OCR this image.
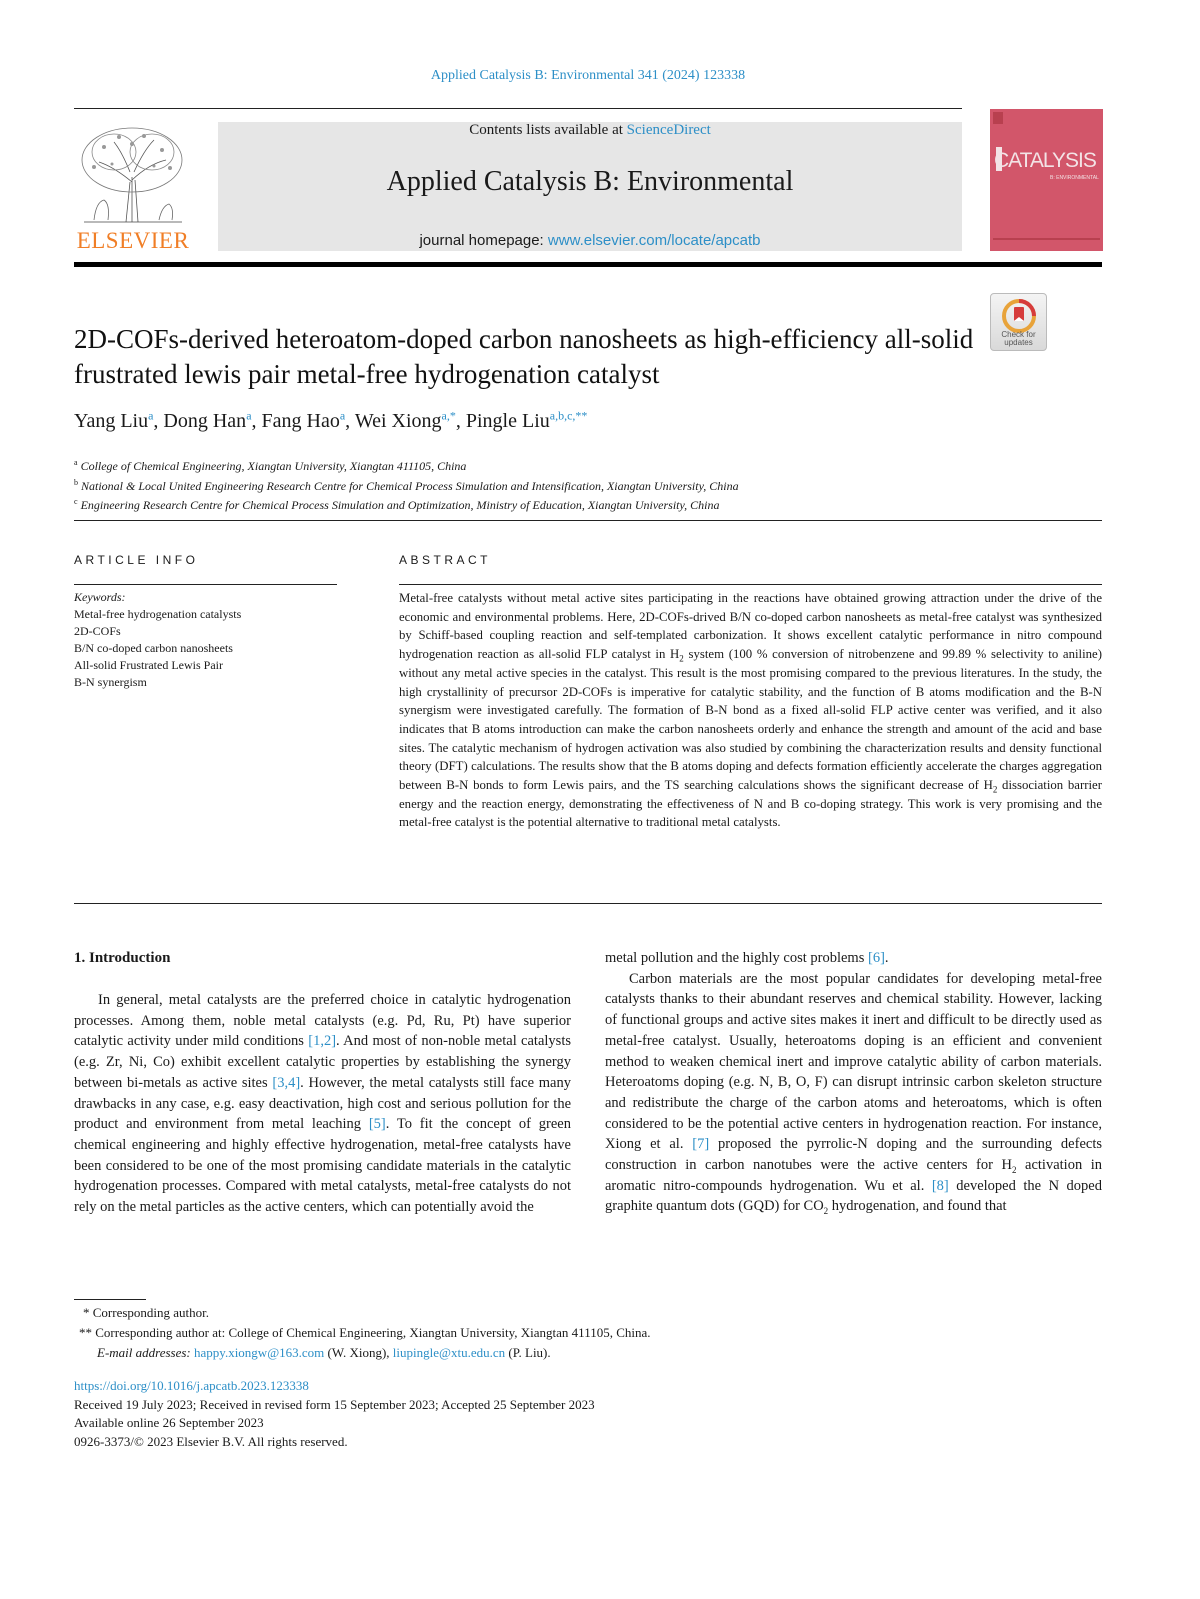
Applied Catalysis B: Environmental 341 (2024) 123338
ELSEVIER
Contents lists available at ScienceDirect
Applied Catalysis B: Environmental
journal homepage: www.elsevier.com/locate/apcatb
CATALYSIS
B: ENVIRONMENTAL
Check for updates
2D-COFs-derived heteroatom-doped carbon nanosheets as high-efficiency all-solid frustrated lewis pair metal-free hydrogenation catalyst
Yang Liu$^a$, Dong Han$^a$, Fang Hao$^a$, Wei Xiong$^{a,*}$, Pingle Liu$^{a,b,c,**}$
$^a$ College of Chemical Engineering, Xiangtan University, Xiangtan 411105, China
$^b$ National & Local United Engineering Research Centre for Chemical Process Simulation and Intensification, Xiangtan University, China
$^c$ Engineering Research Centre for Chemical Process Simulation and Optimization, Ministry of Education, Xiangtan University, China
ARTICLE INFO
Keywords:
Metal-free hydrogenation catalysts
2D-COFs
B/N co-doped carbon nanosheets
All-solid Frustrated Lewis Pair
B-N synergism
ABSTRACT
Metal-free catalysts without metal active sites participating in the reactions have obtained growing attraction under the drive of the economic and environmental problems. Here, 2D-COFs-drived B/N co-doped carbon nanosheets as metal-free catalyst was synthesized by Schiff-based coupling reaction and self-templated carbonization. It shows excellent catalytic performance in nitro compound hydrogenation reaction as all-solid FLP catalyst in $H_2$ system (100 % conversion of nitrobenzene and 99.89 % selectivity to aniline) without any metal active species in the catalyst. This result is the most promising compared to the previous literatures. In the study, the high crystallinity of precursor 2D-COFs is imperative for catalytic stability, and the function of B atoms modification and the B-N synergism were investigated carefully. The formation of B-N bond as a fixed all-solid FLP active center was verified, and it also indicates that B atoms introduction can make the carbon nanosheets orderly and enhance the strength and amount of the acid and base sites. The catalytic mechanism of hydrogen activation was also studied by combining the characterization results and density functional theory (DFT) calculations. The results show that the B atoms doping and defects formation efficiently accelerate the charges aggregation between B-N bonds to form Lewis pairs, and the TS searching calculations shows the significant decrease of $H_2$ dissociation barrier energy and the reaction energy, demonstrating the effectiveness of N and B co-doping strategy. This work is very promising and the metal-free catalyst is the potential alternative to traditional metal catalysts.
1. Introduction
In general, metal catalysts are the preferred choice in catalytic hydrogenation processes. Among them, noble metal catalysts (e.g. Pd, Ru, Pt) have superior catalytic activity under mild conditions [1,2]. And most of non-noble metal catalysts (e.g. Zr, Ni, Co) exhibit excellent catalytic properties by establishing the synergy between bi-metals as active sites [3,4]. However, the metal catalysts still face many drawbacks in any case, e.g. easy deactivation, high cost and serious pollution for the product and environment from metal leaching [5]. To fit the concept of green chemical engineering and highly effective hydrogenation, metal-free catalysts have been considered to be one of the most promising candidate materials in the catalytic hydrogenation processes. Compared with metal catalysts, metal-free catalysts do not rely on the metal particles as the active centers, which can potentially avoid the

metal pollution and the highly cost problems [6].

Carbon materials are the most popular candidates for developing metal-free catalysts thanks to their abundant reserves and chemical stability. However, lacking of functional groups and active sites makes it inert and difficult to be directly used as metal-free catalyst. Usually, heteroatoms doping is an efficient and convenient method to weaken chemical inert and improve catalytic ability of carbon materials. Heteroatoms doping (e.g. N, B, O, F) can disrupt intrinsic carbon skeleton structure and redistribute the charge of the carbon atoms and heteroatoms, which is often considered to be the potential active centers in hydrogenation reaction. For instance, Xiong et al. [7] proposed the pyrrolic-N doping and the surrounding defects construction in carbon nanotubes were the active centers for $H_2$ activation in aromatic nitro-compounds hydrogenation. Wu et al. [8] developed the N doped graphite quantum dots (GQD) for $CO_2$ hydrogenation, and found that

* Corresponding author.
** Corresponding author at: College of Chemical Engineering, Xiangtan University, Xiangtan 411105, China.
E-mail addresses: happy.xiongw@163.com (W. Xiong), liupingle@xtu.edu.cn (P. Liu).
https://doi.org/10.1016/j.apcatb.2023.123338
Received 19 July 2023; Received in revised form 15 September 2023; Accepted 25 September 2023
Available online 26 September 2023
0926-3373/© 2023 Elsevier B.V. All rights reserved.
